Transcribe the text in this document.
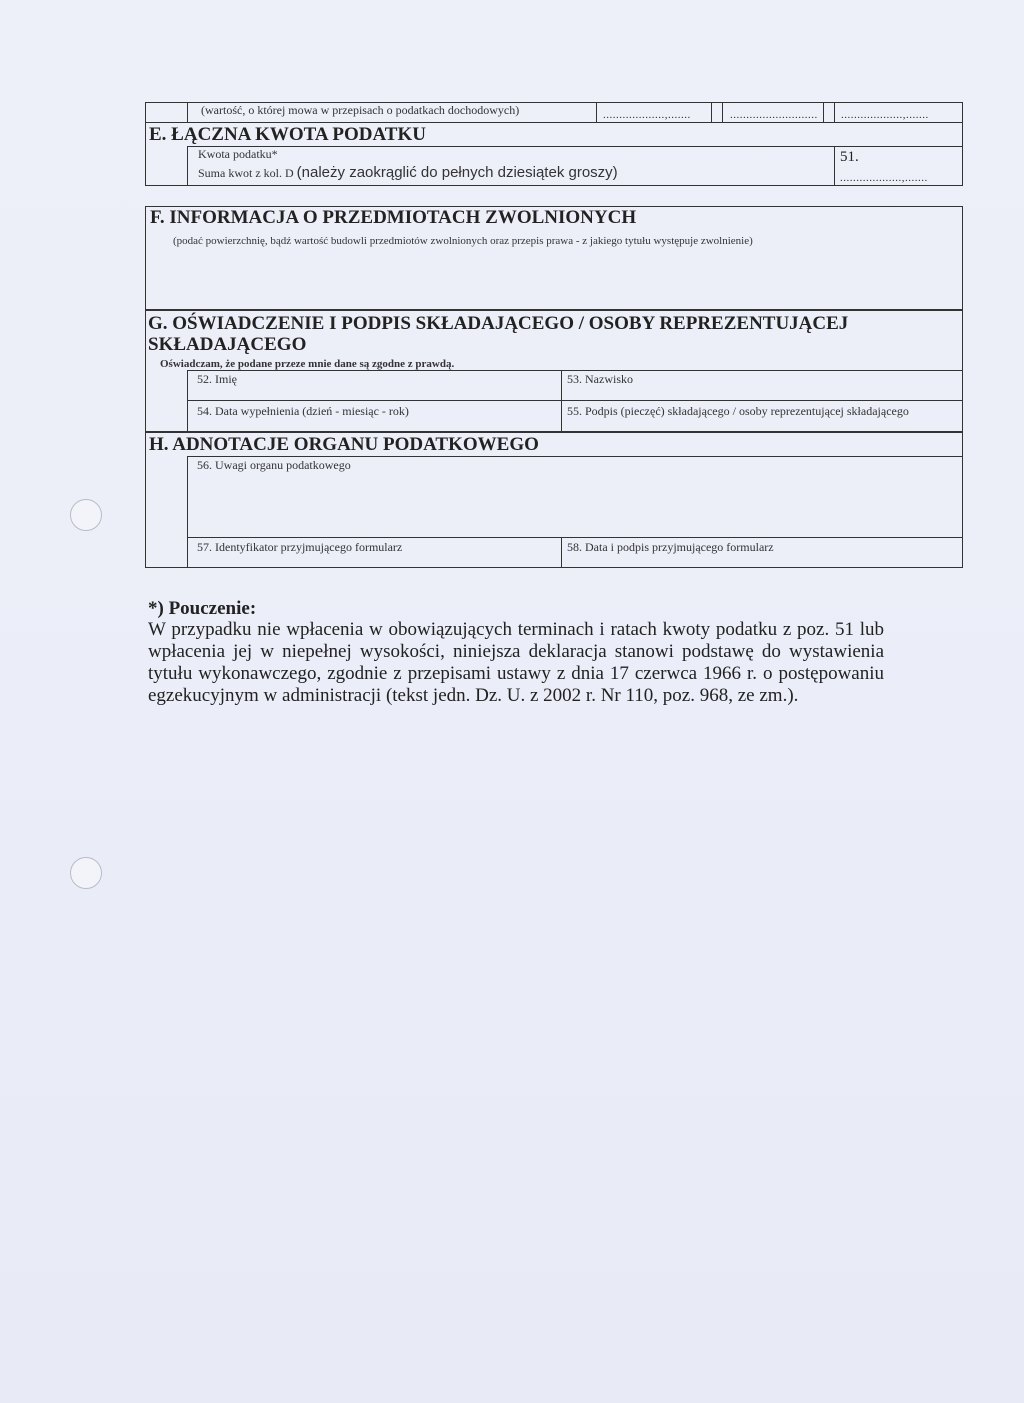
(wartość, o której mowa w przepisach o podatkach dochodowych)	...................,.......	........................... ...................,.......
E. ŁĄCZNA KWOTA PODATKU
Kwota podatku*
Suma kwot z kol. D (należy zaokrąglić do pełnych dziesiątek groszy)
51.
...................,.......
F. INFORMACJA O PRZEDMIOTACH ZWOLNIONYCH
(podać powierzchnię, bądź wartość budowli przedmiotów zwolnionych oraz przepis prawa - z jakiego tytułu występuje zwolnienie)
G. OŚWIADCZENIE I PODPIS SKŁADAJĄCEGO / OSOBY REPREZENTUJĄCEJ
SKŁADAJĄCEGO
Oświadczam, że podane przeze mnie dane są zgodne z prawdą.
52. Imię	53. Nazwisko
54. Data wypełnienia (dzień - miesiąc - rok)	55. Podpis (pieczęć) składającego / osoby reprezentującej składającego
H. ADNOTACJE ORGANU PODATKOWEGO
56. Uwagi organu podatkowego
57. Identyfikator przyjmującego formularz	58. Data i podpis przyjmującego formularz
*) Pouczenie:
W przypadku nie wpłacenia w obowiązujących terminach i ratach kwoty podatku z poz. 51 lub wpłacenia jej w niepełnej wysokości, niniejsza deklaracja stanowi podstawę do wystawienia tytułu wykonawczego, zgodnie z przepisami ustawy z dnia 17 czerwca 1966 r. o postępowaniu egzekucyjnym w administracji (tekst jedn. Dz. U. z 2002 r. Nr 110, poz. 968, ze zm.).
